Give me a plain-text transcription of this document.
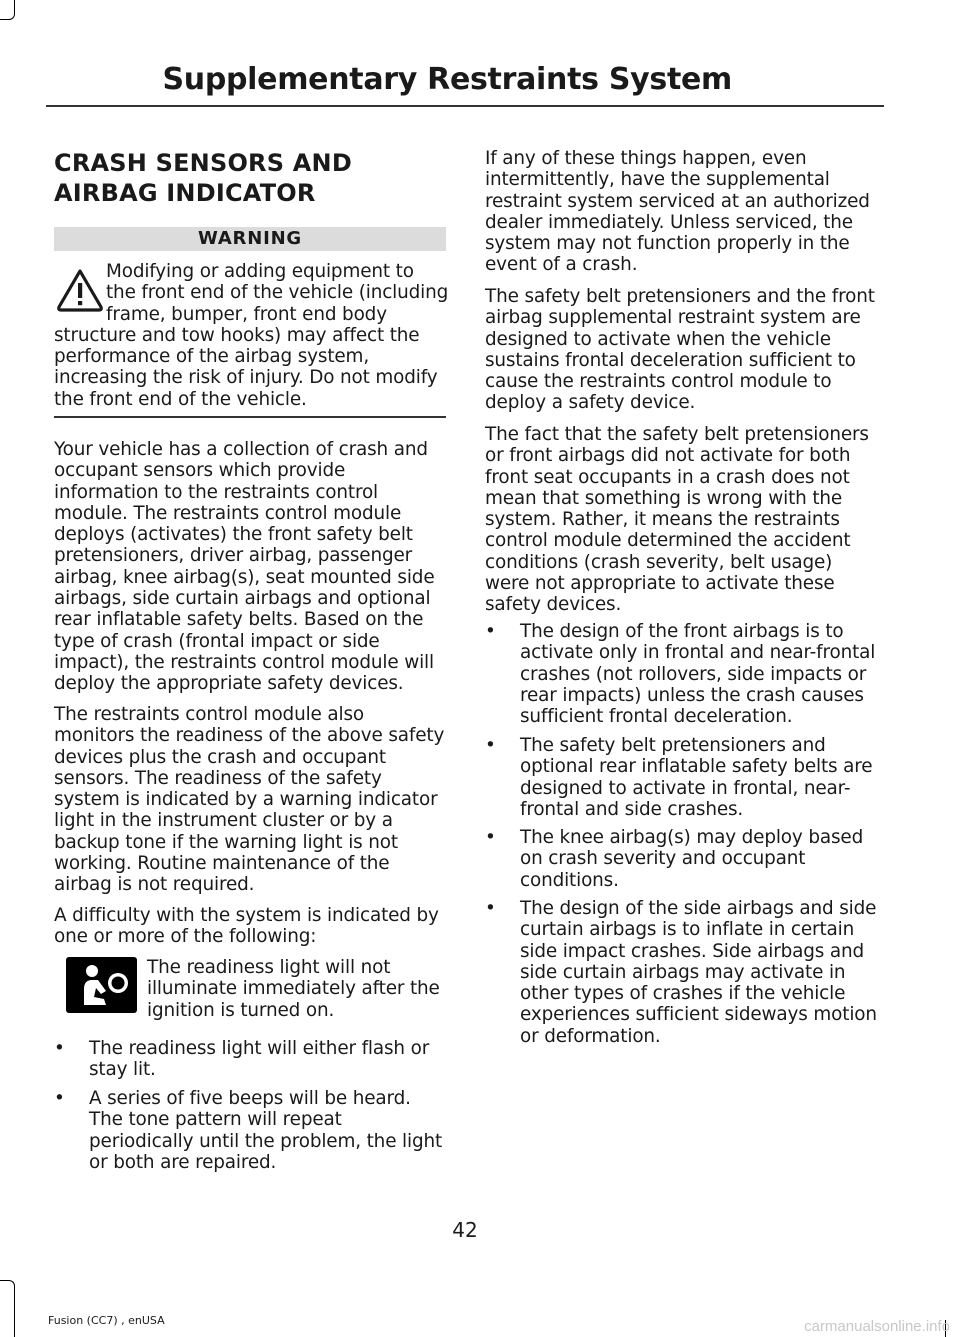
Supplementary Restraints System
CRASH SENSORS AND
AIRBAG INDICATOR
WARNING
Modifying or adding equipment to
the front end of the vehicle (including
frame, bumper, front end body
structure and tow hooks) may affect the performance of the airbag system, increasing the risk of injury. Do not modify the front end of the vehicle.
Your vehicle has a collection of crash and occupant sensors which provide information to the restraints control module. The restraints control module deploys (activates) the front safety belt pretensioners, driver airbag, passenger airbag, knee airbag(s), seat mounted side airbags, side curtain airbags and optional rear inflatable safety belts. Based on the type of crash (frontal impact or side impact), the restraints control module will deploy the appropriate safety devices.
The restraints control module also monitors the readiness of the above safety devices plus the crash and occupant sensors. The readiness of the safety system is indicated by a warning indicator light in the instrument cluster or by a backup tone if the warning light is not working. Routine maintenance of the airbag is not required.
A difficulty with the system is indicated by one or more of the following:
The readiness light will not illuminate immediately after the ignition is turned on.
•	The readiness light will either flash or stay lit.
•	A series of five beeps will be heard. The tone pattern will repeat periodically until the problem, the light or both are repaired.
If any of these things happen, even intermittently, have the supplemental restraint system serviced at an authorized dealer immediately. Unless serviced, the system may not function properly in the event of a crash.
The safety belt pretensioners and the front airbag supplemental restraint system are designed to activate when the vehicle sustains frontal deceleration sufficient to cause the restraints control module to deploy a safety device.
The fact that the safety belt pretensioners or front airbags did not activate for both front seat occupants in a crash does not mean that something is wrong with the system. Rather, it means the restraints control module determined the accident conditions (crash severity, belt usage) were not appropriate to activate these safety devices.
•	The design of the front airbags is to activate only in frontal and near-frontal crashes (not rollovers, side impacts or rear impacts) unless the crash causes sufficient frontal deceleration.
•	The safety belt pretensioners and optional rear inflatable safety belts are designed to activate in frontal, near-frontal and side crashes.
•	The knee airbag(s) may deploy based on crash severity and occupant conditions.
•	The design of the side airbags and side curtain airbags is to inflate in certain side impact crashes. Side airbags and side curtain airbags may activate in other types of crashes if the vehicle experiences sufficient sideways motion or deformation.
42
Fusion (CC7) , enUSA	carmanualsonline.info
